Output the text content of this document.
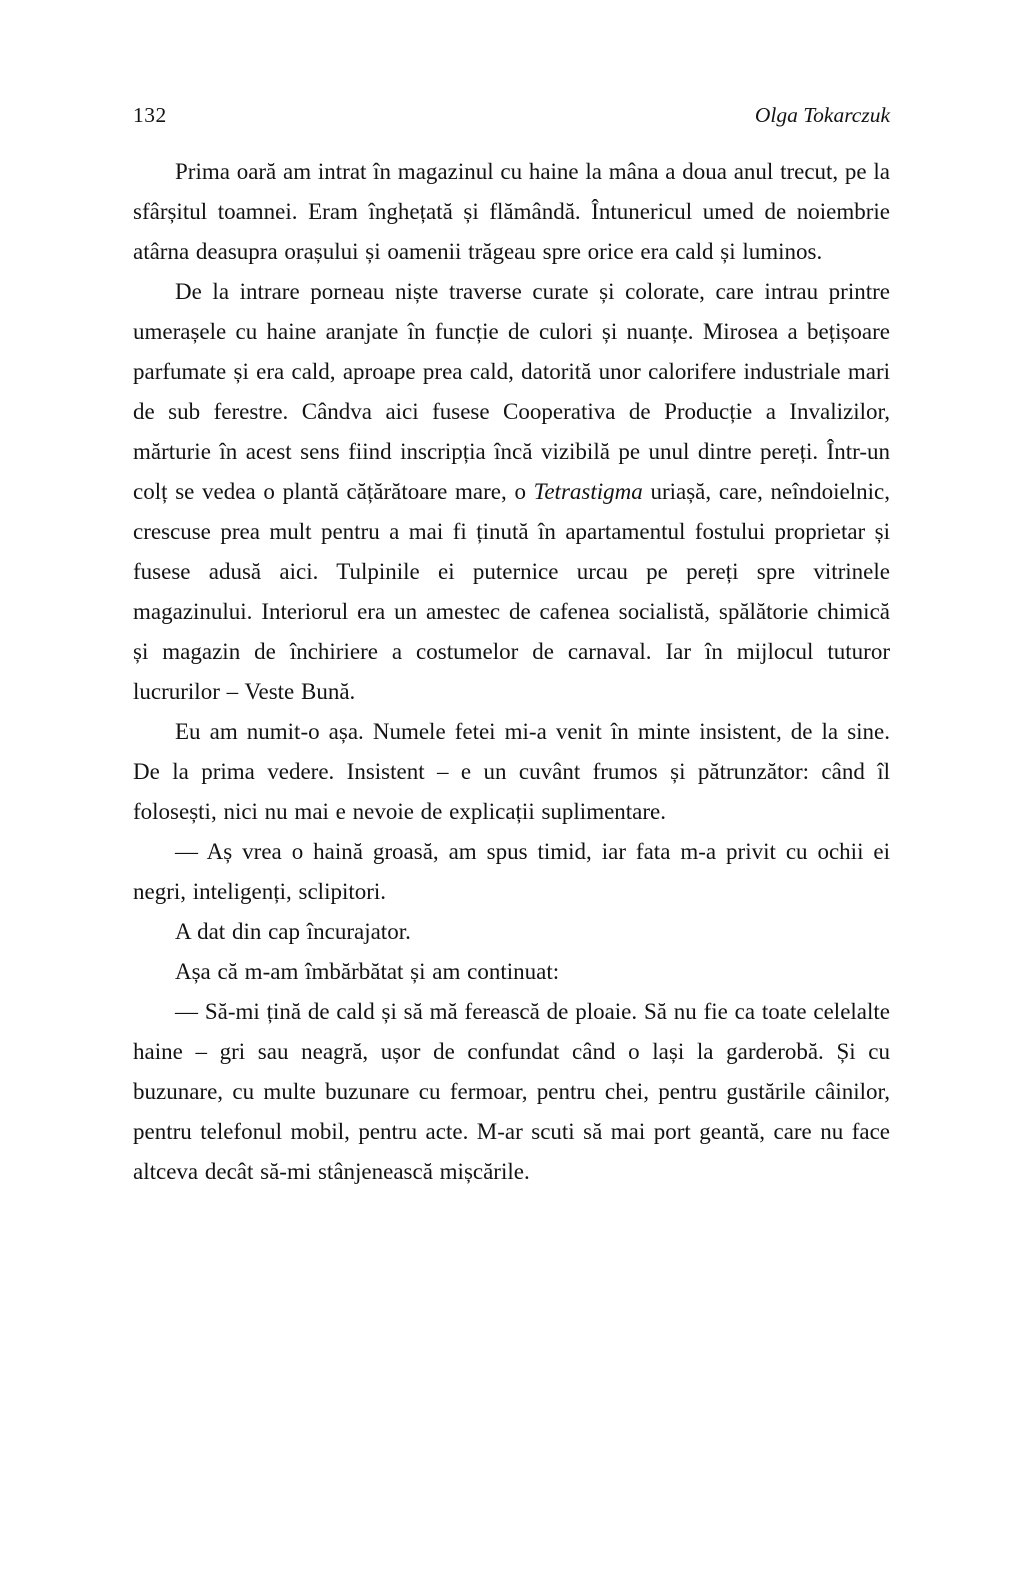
132	Olga Tokarczuk

Prima oară am intrat în magazinul cu haine la mâna a doua anul trecut, pe la sfârșitul toamnei. Eram înghețată și flămândă. Întunericul umed de noiembrie atârna deasupra orașului și oamenii trăgeau spre orice era cald și luminos.

De la intrare porneau niște traverse curate și colorate, care intrau printre umerașele cu haine aranjate în funcție de culori și nuanțe. Mirosea a bețișoare parfumate și era cald, aproape prea cald, datorită unor calorifere industriale mari de sub ferestre. Cândva aici fusese Cooperativa de Producție a Invalizilor, mărturie în acest sens fiind inscripția încă vizibilă pe unul dintre pereți. Într-un colț se vedea o plantă cățărătoare mare, o Tetrastigma uriașă, care, neîndoielnic, crescuse prea mult pentru a mai fi ținută în apartamentul fostului proprietar și fusese adusă aici. Tulpinile ei puternice urcau pe pereți spre vitrinele magazinului. Interiorul era un amestec de cafenea socialistă, spălătorie chimică și magazin de închiriere a costumelor de carnaval. Iar în mijlocul tuturor lucrurilor – Veste Bună.

Eu am numit-o așa. Numele fetei mi-a venit în minte insistent, de la sine. De la prima vedere. Insistent – e un cuvânt frumos și pătrunzător: când îl folosești, nici nu mai e nevoie de explicații suplimentare.

— Aș vrea o haină groasă, am spus timid, iar fata m-a privit cu ochii ei negri, inteligenți, sclipitori.

A dat din cap încurajator.

Așa că m-am îmbărbătat și am continuat:

— Să-mi țină de cald și să mă ferească de ploaie. Să nu fie ca toate celelalte haine – gri sau neagră, ușor de confundat când o lași la garderobă. Și cu buzunare, cu multe buzunare cu fermoar, pentru chei, pentru gustările câinilor, pentru telefonul mobil, pentru acte. M-ar scuti să mai port geantă, care nu face altceva decât să-mi stânjenească mișcările.
